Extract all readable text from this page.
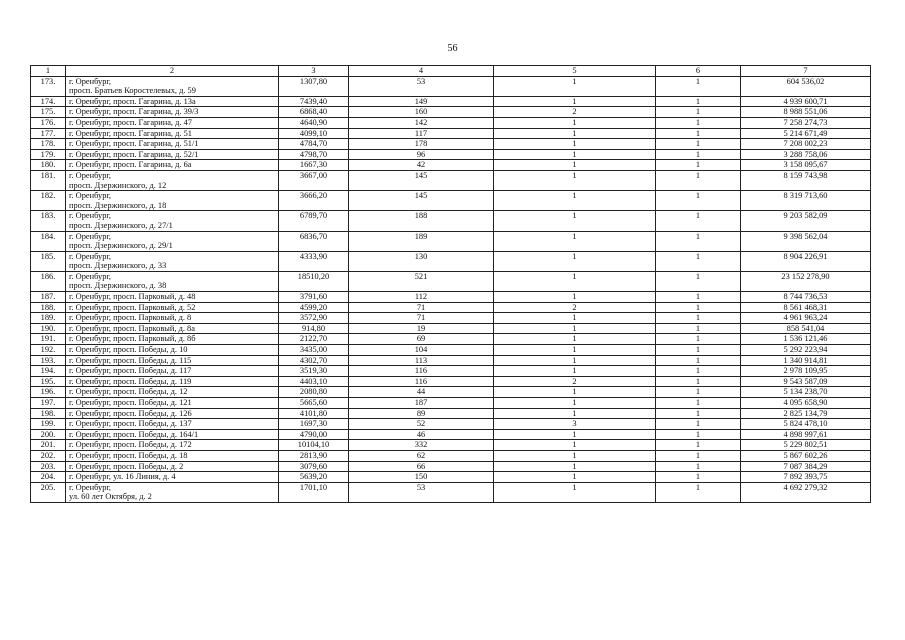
56
1	2	3	4	5	6	7
173.	г. Оренбург,
просп. Братьев Коростелевых, д. 59	1307,80	53	1	1	604 536,02
174.	г. Оренбург, просп. Гагарина, д. 13а	7439,40	149	1	1	4 939 600,71
175.	г. Оренбург, просп. Гагарина, д. 39/3	6868,40	160	2	1	8 988 551,06
176.	г. Оренбург, просп. Гагарина, д. 47	4640,90	142	1	1	7 258 274,73
177.	г. Оренбург, просп. Гагарина, д. 51	4099,10	117	1	1	5 214 671,49
178.	г. Оренбург, просп. Гагарина, д. 51/1	4784,70	178	1	1	7 208 002,23
179.	г. Оренбург, просп. Гагарина, д. 52/1	4798,70	96	1	1	3 288 758,06
180.	г. Оренбург, просп. Гагарина, д. 6а	1667,30	42	1	1	3 158 095,67
181.	г. Оренбург,
просп. Дзержинского, д. 12	3667,00	145	1	1	8 159 743,98
182.	г. Оренбург,
просп. Дзержинского, д. 18	3666,20	145	1	1	8 319 713,60
183.	г. Оренбург,
просп. Дзержинского, д. 27/1	6789,70	188	1	1	9 203 582,09
184.	г. Оренбург,
просп. Дзержинского, д. 29/1	6836,70	189	1	1	9 398 562,04
185.	г. Оренбург,
просп. Дзержинского, д. 33	4333,90	130	1	1	8 904 226,91
186.	г. Оренбург,
просп. Дзержинского, д. 38	18510,20	521	1	1	23 152 278,90
187.	г. Оренбург, просп. Парковый, д. 48	3791,60	112	1	1	8 744 736,53
188.	г. Оренбург, просп. Парковый, д. 52	4599,20	71	2	1	8 561 468,31
189.	г. Оренбург, просп. Парковый, д. 8	3572,90	71	1	1	4 961 963,24
190.	г. Оренбург, просп. Парковый, д. 8а	914,80	19	1	1	858 541,04
191.	г. Оренбург, просп. Парковый, д. 8б	2122,70	69	1	1	1 536 121,46
192.	г. Оренбург, просп. Победы, д. 10	3435,00	104	1	1	5 292 223,94
193.	г. Оренбург, просп. Победы, д. 115	4302,70	113	1	1	1 340 914,81
194.	г. Оренбург, просп. Победы, д. 117	3519,30	116	1	1	2 978 109,95
195.	г. Оренбург, просп. Победы, д. 119	4403,10	116	2	1	9 543 587,09
196.	г. Оренбург, просп. Победы, д. 12	2080,80	44	1	1	5 134 238,70
197.	г. Оренбург, просп. Победы, д. 121	5665,60	187	1	1	4 095 658,90
198.	г. Оренбург, просп. Победы, д. 126	4101,80	89	1	1	2 825 134,79
199.	г. Оренбург, просп. Победы, д. 137	1697,30	52	3	1	5 824 478,10
200.	г. Оренбург, просп. Победы, д. 164/1	4790,00	46	1	1	4 898 997,61
201.	г. Оренбург, просп. Победы, д. 172	10104,10	332	1	1	5 229 802,51
202.	г. Оренбург, просп. Победы, д. 18	2813,90	62	1	1	5 867 602,26
203.	г. Оренбург, просп. Победы, д. 2	3079,60	66	1	1	7 087 384,29
204.	г. Оренбург, ул. 16 Линия, д. 4	5639,20	150	1	1	7 892 393,75
205.	г. Оренбург,
ул. 60 лет Октября, д. 2	1701,10	53	1	1	4 692 279,32
